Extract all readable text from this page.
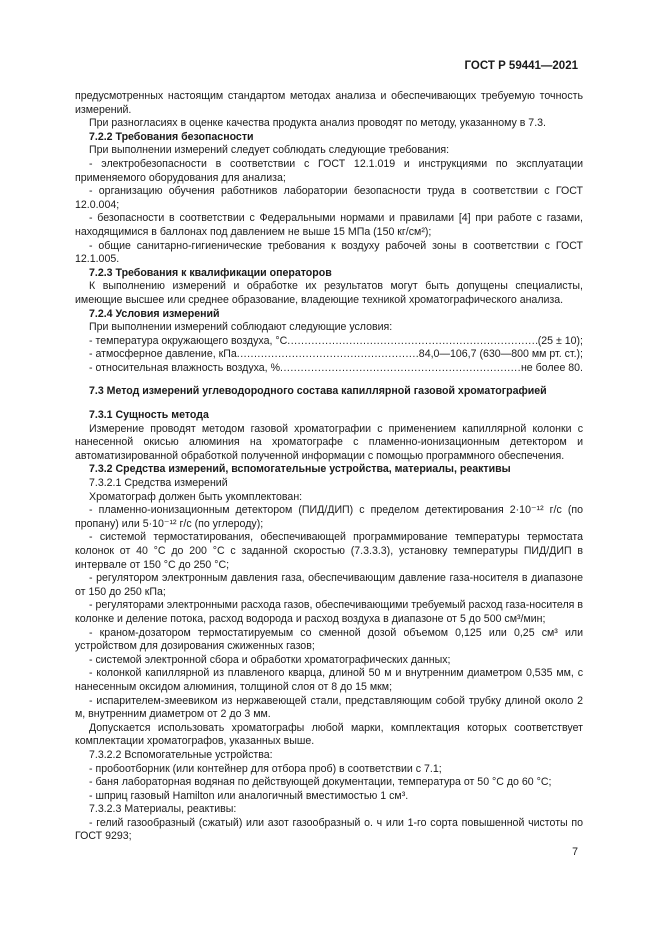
ГОСТ Р 59441—2021

предусмотренных настоящим стандартом методах анализа и обеспечивающих требуемую точность измерений.

При разногласиях в оценке качества продукта анализ проводят по методу, указанному в 7.3.

7.2.2 Требования безопасности

При выполнении измерений следует соблюдать следующие требования:

- электробезопасности в соответствии с ГОСТ 12.1.019 и инструкциями по эксплуатации применяемого оборудования для анализа;

- организацию обучения работников лаборатории безопасности труда в соответствии с ГОСТ 12.0.004;

- безопасности в соответствии с Федеральными нормами и правилами [4] при работе с газами, находящимися в баллонах под давлением не выше 15 МПа (150 кг/см²);

- общие санитарно-гигиенические требования к воздуху рабочей зоны в соответствии с ГОСТ 12.1.005.

7.2.3 Требования к квалификации операторов

К выполнению измерений и обработке их результатов могут быть допущены специалисты, имеющие высшее или среднее образование, владеющие техникой хроматографического анализа.

7.2.4 Условия измерений

При выполнении измерений соблюдают следующие условия:

- температура окружающего воздуха, °С .....	(25 ± 10);
- атмосферное давление, кПа .....	84,0—106,7 (630—800 мм рт. ст.);
- относительная влажность воздуха, % .....	не более 80.

7.3 Метод измерений углеводородного состава капиллярной газовой хроматографией

7.3.1 Сущность метода

Измерение проводят методом газовой хроматографии с применением капиллярной колонки с нанесенной окисью алюминия на хроматографе с пламенно-ионизационным детектором и автоматизированной обработкой полученной информации с помощью программного обеспечения.

7.3.2 Средства измерений, вспомогательные устройства, материалы, реактивы

7.3.2.1 Средства измерений

Хроматограф должен быть укомплектован:

- пламенно-ионизационным детектором (ПИД/ДИП) с пределом детектирования 2·10⁻¹² г/с (по пропану) или 5·10⁻¹² г/с (по углероду);

- системой термостатирования, обеспечивающей программирование температуры термостата колонок от 40 °С до 200 °С с заданной скоростью (7.3.3.3), установку температуры ПИД/ДИП в интервале от 150 °С до 250 °С;

- регулятором электронным давления газа, обеспечивающим давление газа-носителя в диапазоне от 150 до 250 кПа;

- регуляторами электронными расхода газов, обеспечивающими требуемый расход газа-носителя в колонке и деление потока, расход водорода и расход воздуха в диапазоне от 5 до 500 см³/мин;

- краном-дозатором термостатируемым со сменной дозой объемом 0,125 или 0,25 см³ или устройством для дозирования сжиженных газов;

- системой электронной сбора и обработки хроматографических данных;

- колонкой капиллярной из плавленого кварца, длиной 50 м и внутренним диаметром 0,535 мм, с нанесенным оксидом алюминия, толщиной слоя от 8 до 15 мкм;

- испарителем-змеевиком из нержавеющей стали, представляющим собой трубку длиной около 2 м, внутренним диаметром от 2 до 3 мм.

Допускается использовать хроматографы любой марки, комплектация которых соответствует комплектации хроматографов, указанных выше.

7.3.2.2 Вспомогательные устройства:

- пробоотборник (или контейнер для отбора проб) в соответствии с 7.1;

- баня лабораторная водяная по действующей документации, температура от 50 °С до 60 °С;

- шприц газовый Hamilton или аналогичный вместимостью 1 см³.

7.3.2.3 Материалы, реактивы:

- гелий газообразный (сжатый) или азот газообразный о. ч или 1-го сорта повышенной чистоты по ГОСТ 9293;

7
